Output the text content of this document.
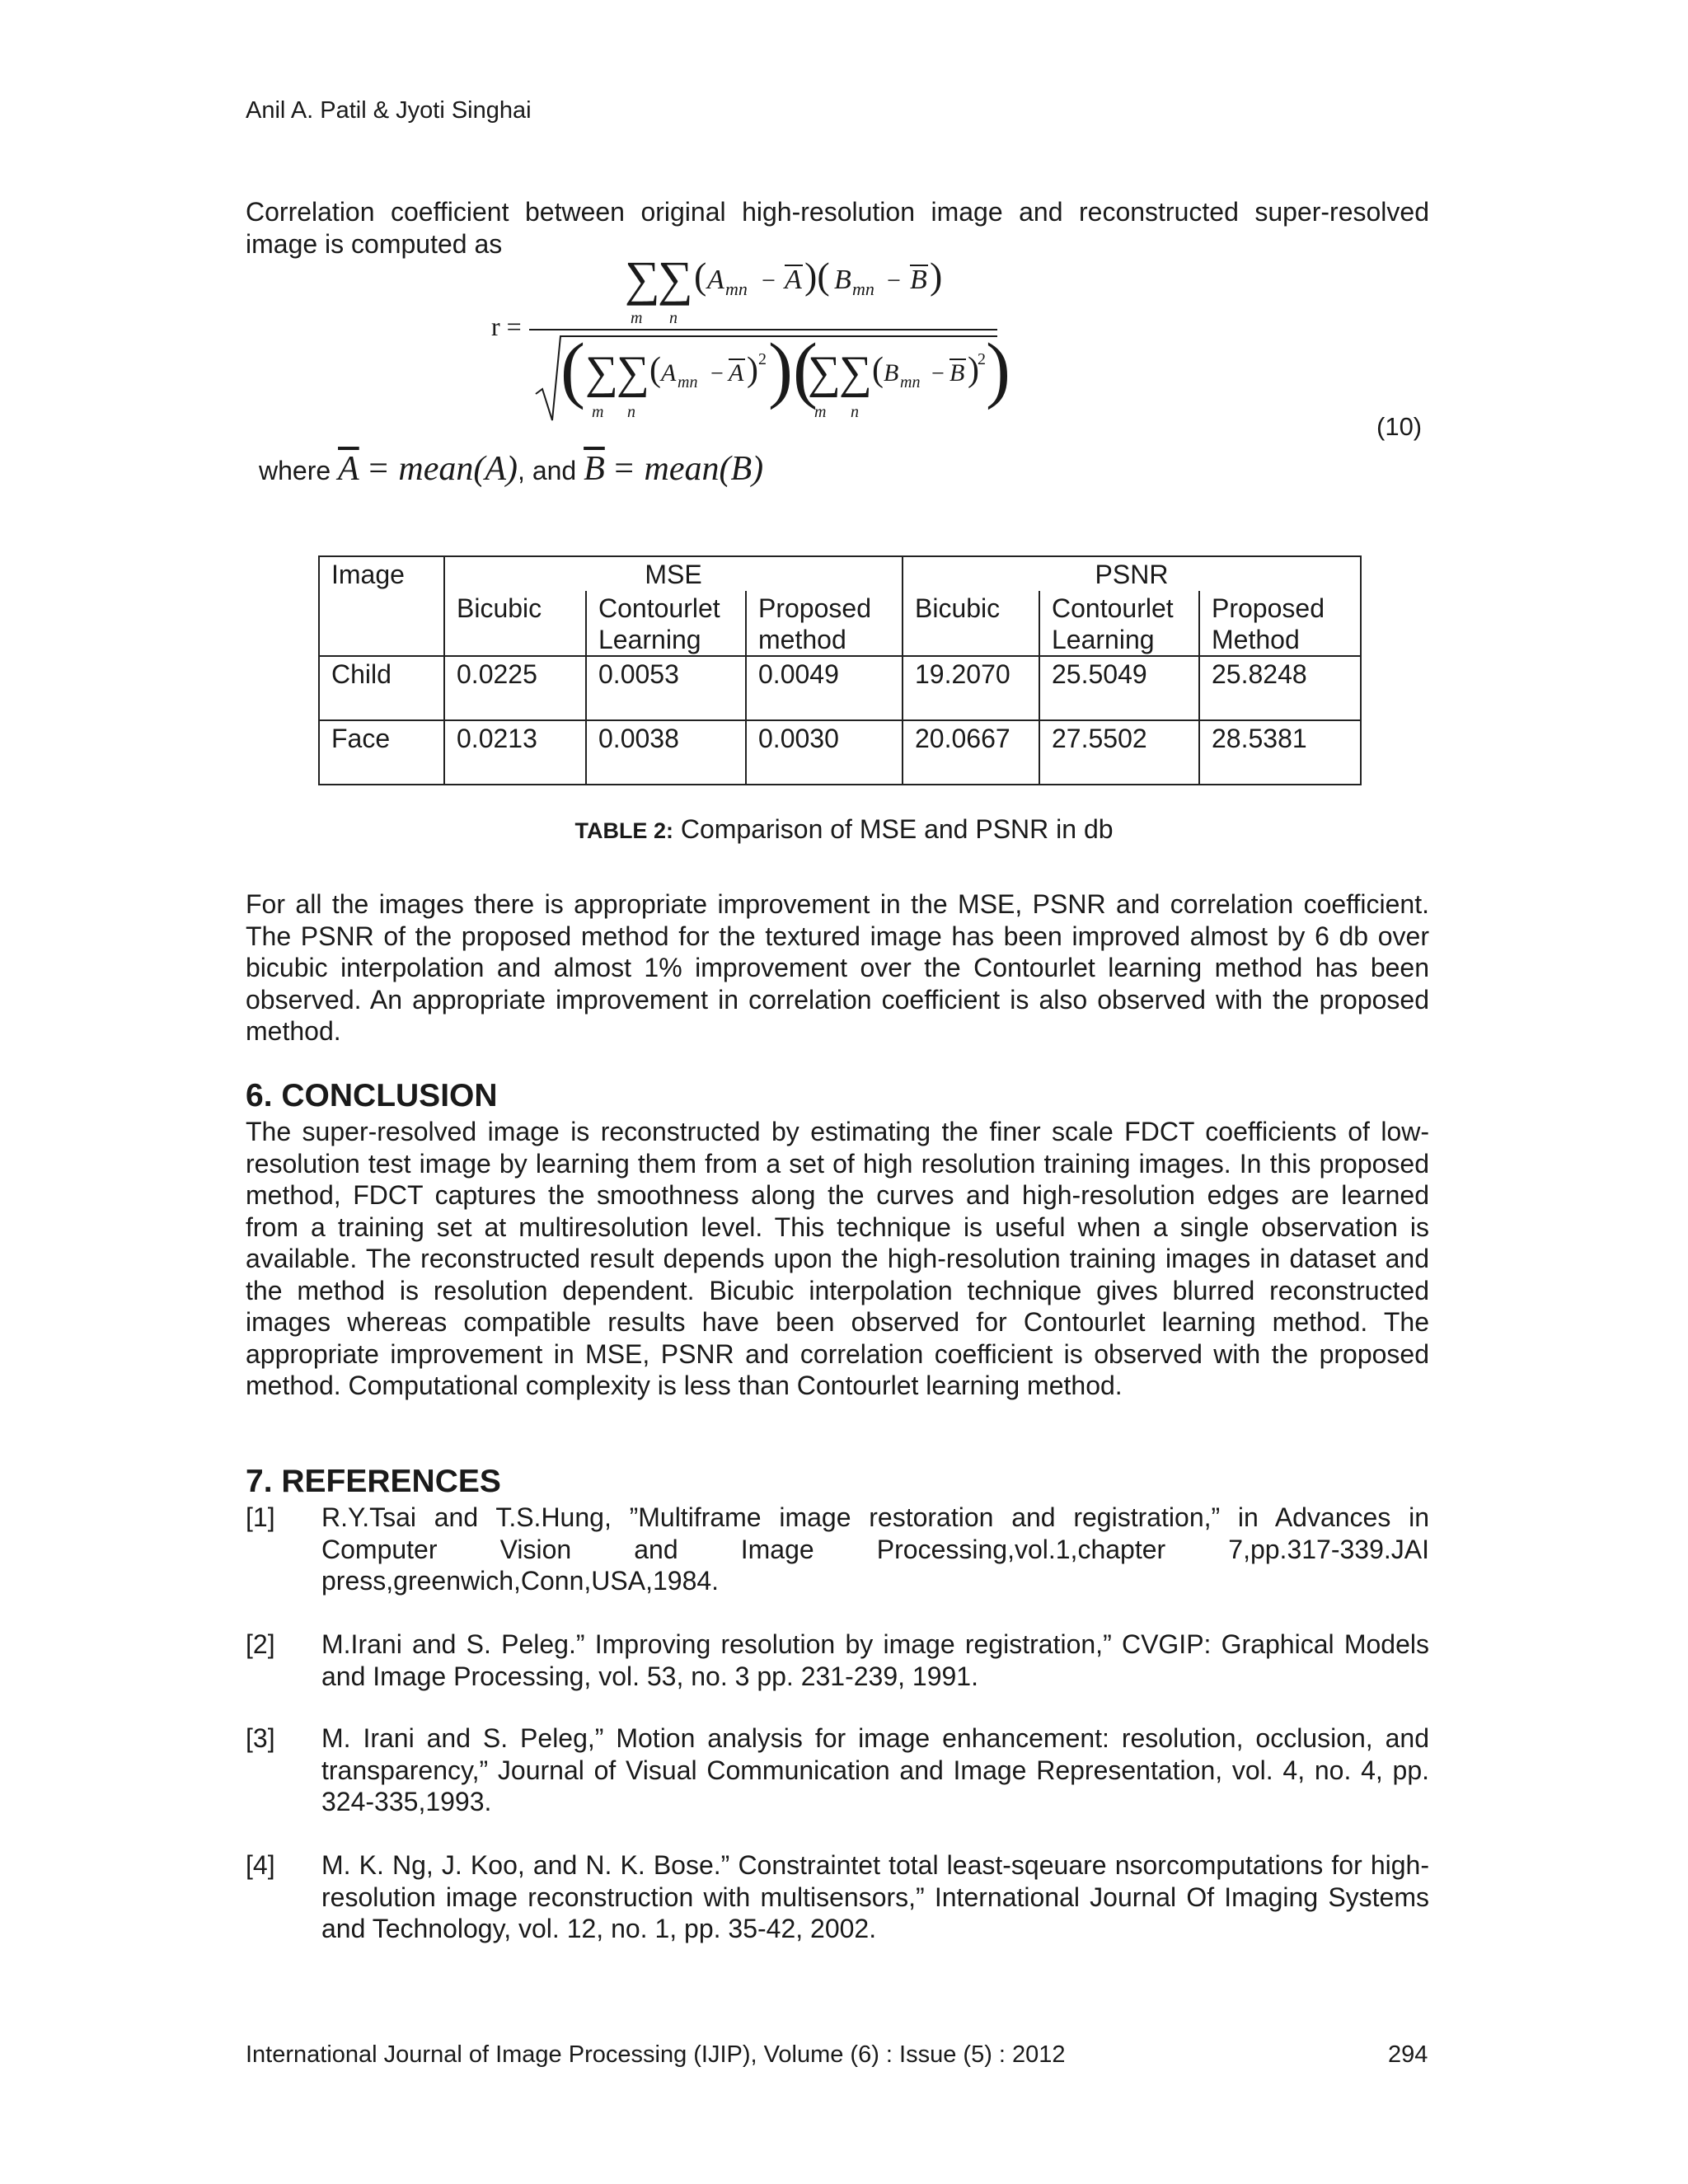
Anil A. Patil & Jyoti Singhai
Correlation coefficient between original high-resolution image and reconstructed super-resolved image is computed as
r =
∑
∑
m n
( A mn − A )( B mn − B )
( ∑
∑
m n
( A mn − A ) 2 )(
∑
∑
m n
( B mn − B )
2 )
(10)
where $\overline{A}$ = mean(A), and $\overline{B}$ = mean(B)
Image	MSE			PSNR		
	Bicubic	Contourlet Learning	Proposed method	Bicubic	Contourlet Learning	Proposed Method
Child	0.0225	0.0053	0.0049	19.2070	25.5049	25.8248
Face	0.0213	0.0038	0.0030	20.0667	27.5502	28.5381
TABLE 2: Comparison of MSE and PSNR in db
For all the images there is appropriate improvement in the MSE, PSNR and correlation coefficient. The PSNR of the proposed method for the textured image has been improved almost by 6 db over bicubic interpolation and almost 1% improvement over the Contourlet learning method has been observed. An appropriate improvement in correlation coefficient is also observed with the proposed method.
6. CONCLUSION
The super-resolved image is reconstructed by estimating the finer scale FDCT coefficients of low-resolution test image by learning them from a set of high resolution training images. In this proposed method, FDCT captures the smoothness along the curves and high-resolution edges are learned from a training set at multiresolution level. This technique is useful when a single observation is available. The reconstructed result depends upon the high-resolution training images in dataset and the method is resolution dependent. Bicubic interpolation technique gives blurred reconstructed images whereas compatible results have been observed for Contourlet learning method. The appropriate improvement in MSE, PSNR and correlation coefficient is observed with the proposed method. Computational complexity is less than Contourlet learning method.
7. REFERENCES
[1] R.Y.Tsai and T.S.Hung, ”Multiframe image restoration and registration,” in Advances in Computer Vision and Image Processing,vol.1,chapter 7,pp.317-339.JAI press,greenwich,Conn,USA,1984.
[2] M.Irani and S. Peleg.” Improving resolution by image registration,” CVGIP: Graphical Models and Image Processing, vol. 53, no. 3 pp. 231-239, 1991.
[3] M. Irani and S. Peleg,” Motion analysis for image enhancement: resolution, occlusion, and transparency,” Journal of Visual Communication and Image Representation, vol. 4, no. 4, pp. 324-335,1993.
[4] M. K. Ng, J. Koo, and N. K. Bose.” Constraintet total least-sqeuare nsorcomputations for high-resolution image reconstruction with multisensors,” International Journal Of Imaging Systems and Technology, vol. 12, no. 1, pp. 35-42, 2002.
International Journal of Image Processing (IJIP), Volume (6) : Issue (5) : 2012	294
